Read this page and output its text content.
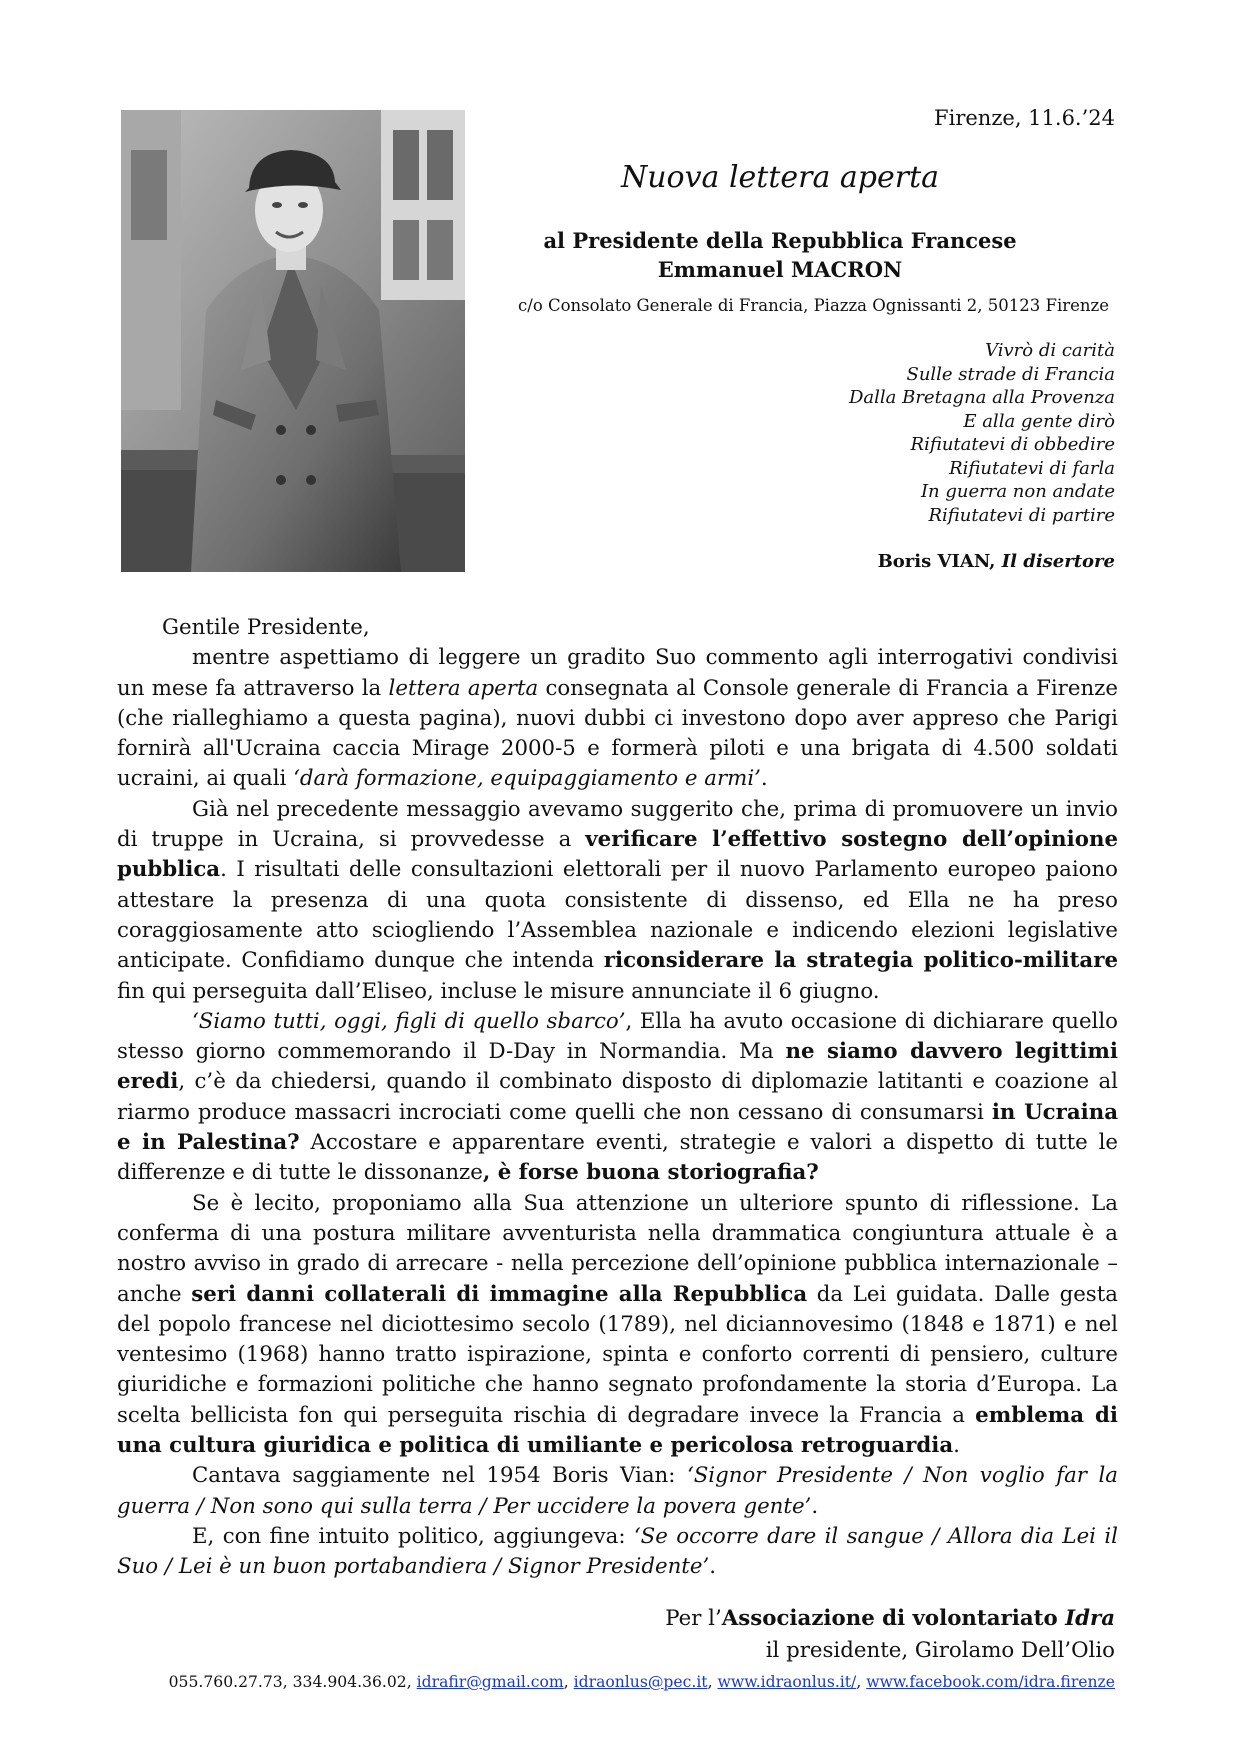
Firenze, 11.6.’24
Nuova lettera aperta
al Presidente della Repubblica Francese
Emmanuel MACRON
c/o Consolato Generale di Francia, Piazza Ognissanti 2, 50123 Firenze
Vivrò di carità
Sulle strade di Francia
Dalla Bretagna alla Provenza
E alla gente dirò
Rifiutatevi di obbedire
Rifiutatevi di farla
In guerra non andate
Rifiutatevi di partire
Boris VIAN, Il disertore

Gentile Presidente,

mentre aspettiamo di leggere un gradito Suo commento agli interrogativi condivisi un mese fa attraverso la lettera aperta consegnata al Console generale di Francia a Firenze (che rialleghiamo a questa pagina), nuovi dubbi ci investono dopo aver appreso che Parigi fornirà all'Ucraina caccia Mirage 2000-5 e formerà piloti e una brigata di 4.500 soldati ucraini, ai quali ‘darà formazione, equipaggiamento e armi’.

Già nel precedente messaggio avevamo suggerito che, prima di promuovere un invio di truppe in Ucraina, si provvedesse a verificare l’effettivo sostegno dell’opinione pubblica. I risultati delle consultazioni elettorali per il nuovo Parlamento europeo paiono attestare la presenza di una quota consistente di dissenso, ed Ella ne ha preso coraggiosamente atto sciogliendo l’Assemblea nazionale e indicendo elezioni legislative anticipate. Confidiamo dunque che intenda riconsiderare la strategia politico-militare fin qui perseguita dall’Eliseo, incluse le misure annunciate il 6 giugno.

‘Siamo tutti, oggi, figli di quello sbarco’, Ella ha avuto occasione di dichiarare quello stesso giorno commemorando il D-Day in Normandia. Ma ne siamo davvero legittimi eredi, c’è da chiedersi, quando il combinato disposto di diplomazie latitanti e coazione al riarmo produce massacri incrociati come quelli che non cessano di consumarsi in Ucraina e in Palestina? Accostare e apparentare eventi, strategie e valori a dispetto di tutte le differenze e di tutte le dissonanze, è forse buona storiografia?

Se è lecito, proponiamo alla Sua attenzione un ulteriore spunto di riflessione. La conferma di una postura militare avventurista nella drammatica congiuntura attuale è a nostro avviso in grado di arrecare - nella percezione dell’opinione pubblica internazionale – anche seri danni collaterali di immagine alla Repubblica da Lei guidata. Dalle gesta del popolo francese nel diciottesimo secolo (1789), nel diciannovesimo (1848 e 1871) e nel ventesimo (1968) hanno tratto ispirazione, spinta e conforto correnti di pensiero, culture giuridiche e formazioni politiche che hanno segnato profondamente la storia d’Europa. La scelta bellicista fon qui perseguita rischia di degradare invece la Francia a emblema di una cultura giuridica e politica di umiliante e pericolosa retroguardia.

Cantava saggiamente nel 1954 Boris Vian: ‘Signor Presidente / Non voglio far la guerra / Non sono qui sulla terra / Per uccidere la povera gente’.

E, con fine intuito politico, aggiungeva: ‘Se occorre dare il sangue / Allora dia Lei il Suo / Lei è un buon portabandiera / Signor Presidente’.

Per l’Associazione di volontariato Idra
il presidente, Girolamo Dell’Olio
055.760.27.73, 334.904.36.02, idrafir@gmail.com, idraonlus@pec.it, www.idraonlus.it/, www.facebook.com/idra.firenze
